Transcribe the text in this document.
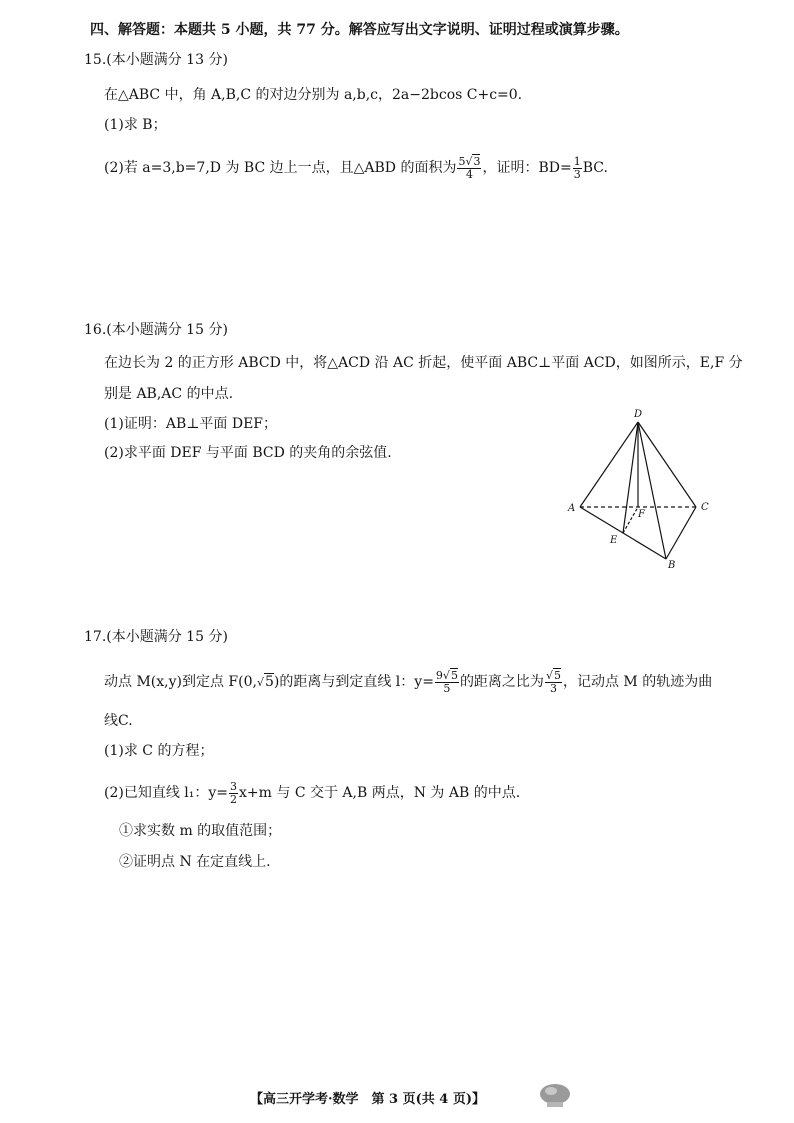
四、解答题：本题共 5 小题，共 77 分。解答应写出文字说明、证明过程或演算步骤。
15.(本小题满分 13 分)
在△ABC 中，角 A,B,C 的对边分别为 a,b,c，2a−2bcos C+c=0.
(1)求 B；
(2)若 a=3,b=7,D 为 BC 边上一点，且△ABD 的面积为 $\frac{5√3}{4}$ ，证明：$BD= \frac{1}{3}$ BC.
16.(本小题满分 15 分)
在边长为 2 的正方形 ABCD 中，将△ACD 沿 AC 折起，使平面 ABC⊥平面 ACD，如图所示，E,F 分
别是 AB,AC 的中点.
(1)证明：AB⊥平面 DEF；
(2)求平面 DEF 与平面 BCD 的夹角的余弦值.
D
A	C
B
E
F
17.(本小题满分 15 分)
动点 M(x,y)到定点 F(0,√5)的距离与到定直线 l：$y= \frac{9√5}{5}$ 的距离之比为 $\frac{√5}{3}$ ，记动点 M 的轨迹为曲
线C.
(1)求 C 的方程；
(2)已知直线 l₁：$y= \frac{3}{2} x+m$ 与 C 交于 A,B 两点，N 为 AB 的中点.
①求实数 m 的取值范围；
②证明点 N 在定直线上.
【高三开学考·数学　第 3 页(共 4 页)】
